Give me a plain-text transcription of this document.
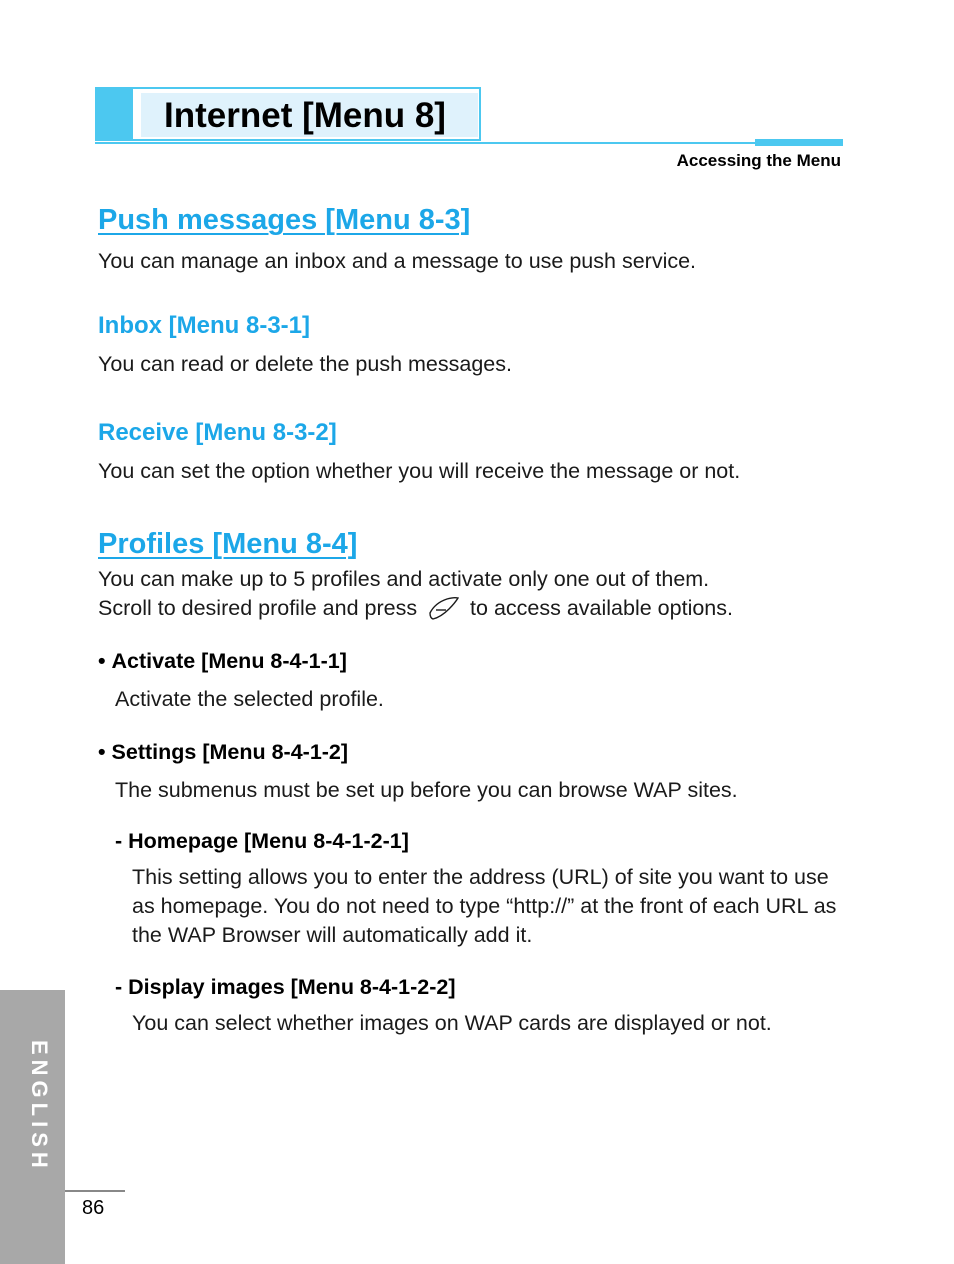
Internet [Menu 8]
Accessing the Menu
Push messages [Menu 8-3]
You can manage an inbox and a message to use push service.
Inbox [Menu 8-3-1]
You can read or delete the push messages.
Receive [Menu 8-3-2]
You can set the option whether you will receive the message or not.
Profiles [Menu 8-4]
You can make up to 5 profiles and activate only one out of them.
Scroll to desired profile and press to access available options.
• Activate [Menu 8-4-1-1]
Activate the selected profile.
• Settings [Menu 8-4-1-2]
The submenus must be set up before you can browse WAP sites.
- Homepage [Menu 8-4-1-2-1]
This setting allows you to enter the address (URL) of site you want to use as homepage. You do not need to type “http://” at the front of each URL as the WAP Browser will automatically add it.
- Display images [Menu 8-4-1-2-2]
You can select whether images on WAP cards are displayed or not.
ENGLISH
86
